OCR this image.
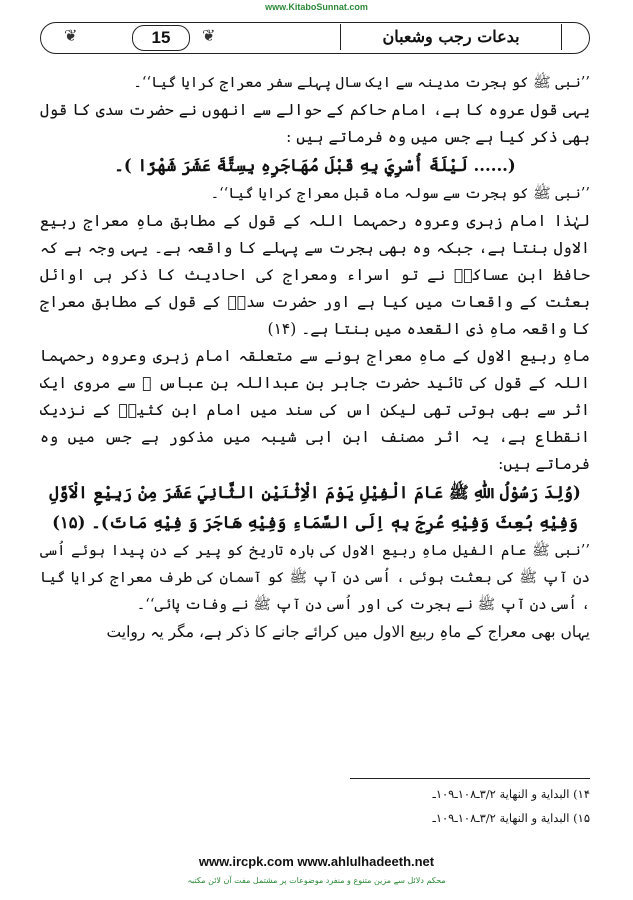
www.KitaboSunnat.com
❦	❦
15	بدعات رجب وشعبان

’’نبی ﷺ کو ہجرت مدینہ سے ایک سال پہلے سفر معراج کرایا گیا‘‘۔

یہی قول عروہ کا ہے، امام حاکم کے حوالے سے انھوں نے حضرت سدی کا قول بھی ذکر کیا ہے جس میں وہ فرماتے ہیں :

(...... لَيْلَةَ أُسْرِيَ بِهِ قَبْلَ مُهَاجَرِهِ بِسِتَّةَ عَشَرَ شَهْرًا )۔

’’نبی ﷺ کو ہجرت سے سولہ ماہ قبل معراج کرایا گیا‘‘۔

لہٰذا امام زہری وعروہ رحمہما اللہ کے قول کے مطابق ماہِ معراج ربیع الاول بنتا ہے، جبکہ وہ بھی ہجرت سے پہلے کا واقعہ ہے۔ یہی وجہ ہے کہ حافظ ابن عساکرؒ نے تو اسراء ومعراج کی احادیث کا ذکر ہی اوائل بعثت کے واقعات میں کیا ہے اور حضرت سدیؒ کے قول کے مطابق معراج کا واقعہ ماہِ ذی القعدہ میں بنتا ہے۔ (۱۴)

ماہِ ربیع الاول کے ماہِ معراج ہونے سے متعلقہ امام زہری وعروہ رحمہما اللہ کے قول کی تائید حضرت جابر بن عبداللہ بن عباس ؓ سے مروی ایک اثر سے بھی ہوتی تھی لیکن اس کی سند میں امام ابن کثیرؒ کے نزدیک انقطاع ہے، یہ اثر مصنف ابن ابی شیبہ میں مذکور ہے جس میں وہ فرماتے ہیں:

(وُلِدَ رَسُوْلُ اللّٰهِ ﷺ عَامَ الْفِيْلِ يَوْمَ الْاِثْنَيْنِ الثَّانِيَ عَشَرَ مِنْ رَبِيْعِ الْاَوَّلِ وَفِيْهِ بُعِثَ وَفِيْهِ عُرِجَ بِهٖ اِلَى السَّمَاءِ وَفِيْهِ هَاجَرَ وَ فِيْهِ مَاتَ)۔ (۱۵)

’’نبی ﷺ عام الفیل ماہِ ربیع الاول کی بارہ تاریخ کو پیر کے دن پیدا ہوئے اُسی دن آپ ﷺ کی بعثت ہوئی ، اُسی دن آپ ﷺ کو آسمان کی طرف معراج کرایا گیا ، اُسی دن آپ ﷺ نے ہجرت کی اور اُسی دن آپ ﷺ نے وفات پائی‘‘۔

یہاں بھی معراج کے ماہِ ربیع الاول میں کرائے جانے کا ذکر ہے، مگر یہ روایت

۱۴) البدایة و النهایة ۳/۲ـ۱۰۸ـ۱۰۹ـ
۱۵) البدایة و النهایة ۳/۲ـ۱۰۸ـ۱۰۹ـ
www.ircpk.com www.ahlulhadeeth.net
محکم دلائل سے مزین متنوع و منفرد موضوعات پر مشتمل مفت آن لائن مکتبہ
